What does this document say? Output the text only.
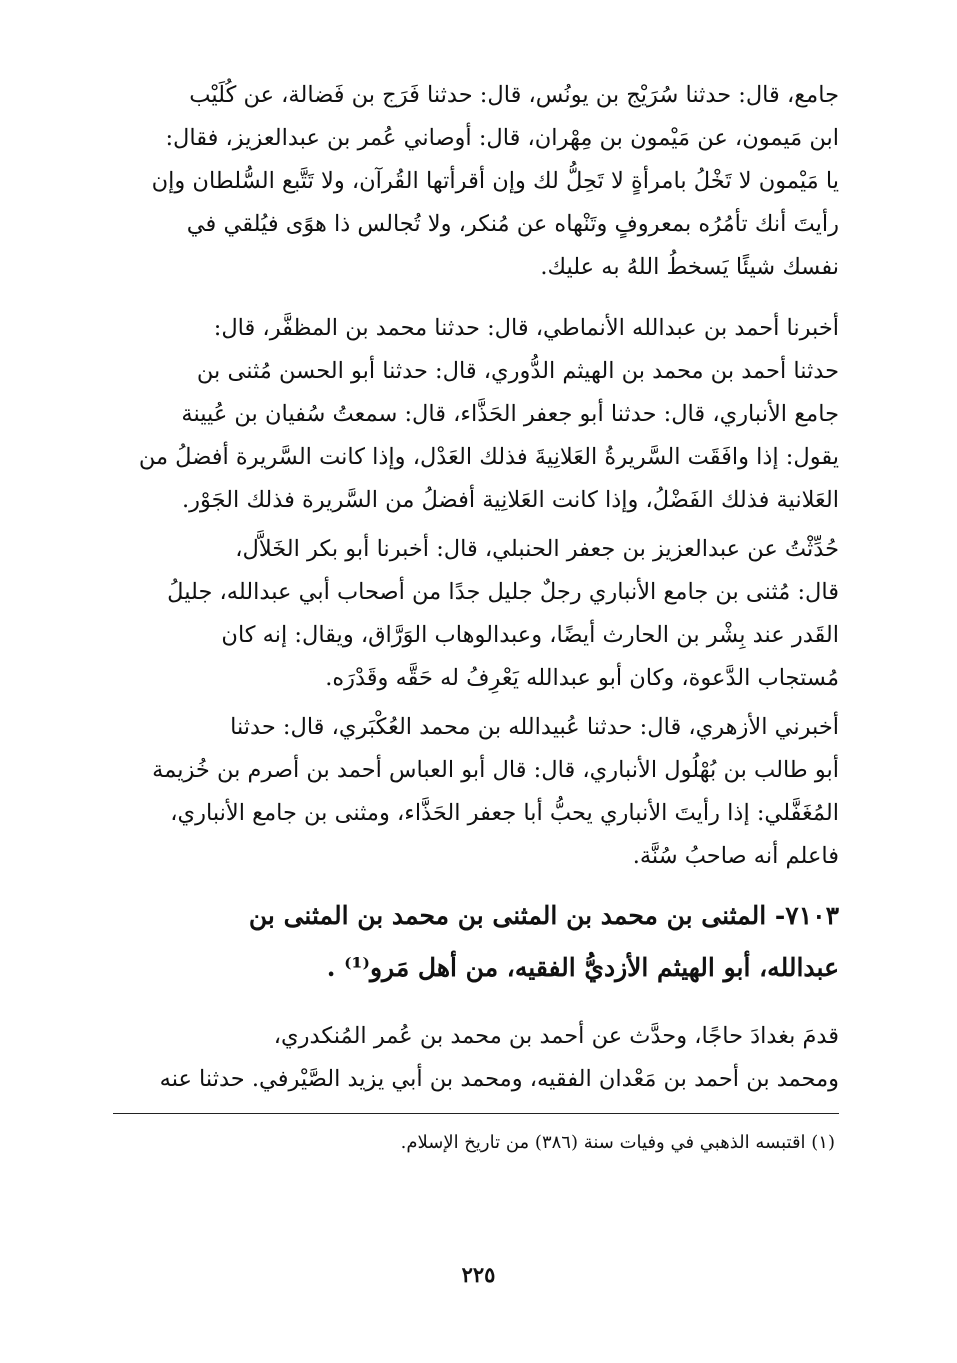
جامع، قال: حدثنا سُرَيْج بن يونُس، قال: حدثنا فَرَج بن فَضالة، عن كُلَيْب
ابن مَيمون، عن مَيْمون بن مِهْران، قال: أوصاني عُمر بن عبدالعزيز، فقال:
يا مَيْمون لا تَخْلُ بامرأةٍ لا تَحِلُّ لك وإن أقرأتها القُرآن، ولا تَتَّبع السُّلطان وإن
رأيتَ أنك تأمُرُه بمعروفٍ وتَنْهاه عن مُنكر، ولا تُجالس ذا هوًى فيُلقي في
نفسك شيئًا يَسخطُ اللهُ به عليك.

أخبرنا أحمد بن عبدالله الأنماطي، قال: حدثنا محمد بن المظفَّر، قال:
حدثنا أحمد بن محمد بن الهيثم الدُّوري، قال: حدثنا أبو الحسن مُثنى بن
جامع الأنباري، قال: حدثنا أبو جعفر الحَذَّاء، قال: سمعتُ سُفيان بن عُيينة
يقول: إذا وافَقَت السَّريرةُ العَلانِيةَ فذلك العَدْل، وإذا كانت السَّريرة أفضلُ من
العَلانية فذلك الفَضْلُ، وإذا كانت العَلانِية أفضلُ من السَّريرة فذلك الجَوْر.

حُدِّثْتُ عن عبدالعزيز بن جعفر الحنبلي، قال: أخبرنا أبو بكر الخَلاَّل،
قال: مُثنى بن جامع الأنباري رجلٌ جليل جدًا من أصحاب أبي عبدالله، جليلُ
القَدر عند بِشْر بن الحارث أيضًا، وعبدالوهاب الوَرَّاق، ويقال: إنه كان
مُستجاب الدَّعوة، وكان أبو عبدالله يَعْرِفُ له حَقَّه وقَدْرَه.

أخبرني الأزهري، قال: حدثنا عُبيدالله بن محمد العُكْبَري، قال: حدثنا
أبو طالب بن بُهْلُول الأنباري، قال: قال أبو العباس أحمد بن أصرم بن خُزيمة
المُغَفَّلي: إذا رأيتَ الأنباري يحبُّ أبا جعفر الحَذَّاء، ومثنى بن جامع الأنباري،
فاعلم أنه صاحبُ سُنَّة.

٧١٠٣- المثنى بن محمد بن المثنى بن محمد بن المثنى بن
عبدالله، أبو الهيثم الأزديُّ الفقيه، من أهل مَرو⁽¹⁾ .

قدمَ بغدادَ حاجًا، وحدَّث عن أحمد بن محمد بن عُمر المُنكدري،
ومحمد بن أحمد بن مَعْدان الفقيه، ومحمد بن أبي يزيد الصَّيْرفي. حدثنا عنه

(١) اقتبسه الذهبي في وفيات سنة (٣٨٦) من تاريخ الإسلام.
٢٢٥
